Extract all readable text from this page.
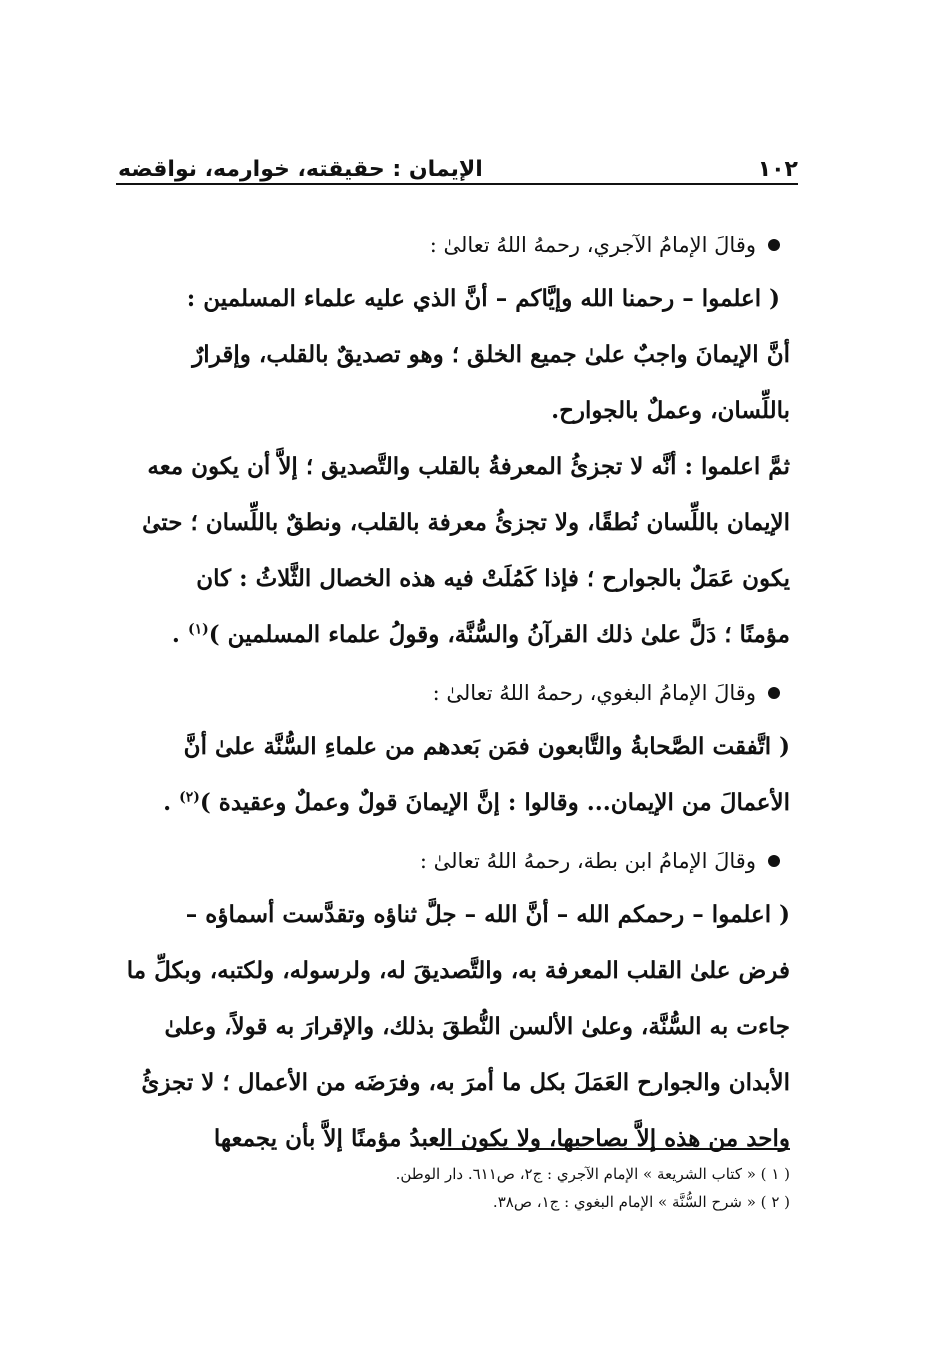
الإيمان : حقيقته، خوارمه، نواقضه	١٠٢

وقالَ الإمامُ الآجري، رحمهُ اللهُ تعالىٰ :

( اعلموا – رحمنا الله وإيَّاكم – أنَّ الذي عليه علماء المسلمين :

أنَّ الإيمانَ واجبٌ علىٰ جميع الخلق ؛ وهو تصديقٌ بالقلب، وإقرارٌ

باللِّسان، وعملٌ بالجوارح.

ثمَّ اعلموا : أنَّه لا تجزئُ المعرفةُ بالقلب والتَّصديق ؛ إلاَّ أن يكون معه

الإيمان باللِّسان نُطقًا، ولا تجزئُ معرفة بالقلب، ونطقٌ باللِّسان ؛ حتىٰ

يكون عَمَلٌ بالجوارح ؛ فإذا كَمُلَتْ فيه هذه الخصال الثَّلاثُ : كان

مؤمنًا ؛ دَلَّ علىٰ ذلك القرآنُ والسُّنَّة، وقولُ علماء المسلمين )$^{(١)}$ .

وقالَ الإمامُ البغوي، رحمهُ اللهُ تعالىٰ :

( اتَّفقت الصَّحابةُ والتَّابعون فمَن بَعدهم من علماءِ السُّنَّة علىٰ أنَّ

الأعمالَ من الإيمان... وقالوا : إنَّ الإيمانَ قولٌ وعملٌ وعقيدة )$^{(٢)}$ .

وقالَ الإمامُ ابن بطة، رحمهُ اللهُ تعالىٰ :

( اعلموا – رحمكم الله – أنَّ الله – جلَّ ثناؤه وتقدَّست أسماؤه –

فرض علىٰ القلب المعرفة به، والتَّصديقَ له، ولرسوله، ولكتبه، وبكلِّ ما

جاءت به السُّنَّة، وعلىٰ الألسن النُّطقَ بذلك، والإقرارَ به قولاً، وعلىٰ

الأبدان والجوارح العَمَلَ بكل ما أمرَ به، وفرَضَه من الأعمال ؛ لا تجزئُ

واحد من هذه إلاَّ بصاحبها، ولا يكون العبدُ مؤمنًا إلاَّ بأن يجمعها

( ١ ) « كتاب الشريعة » الإمام الآجري : ج٢، ص٦١١. دار الوطن.

( ٢ ) « شرح السُّنَّة » الإمام البغوي : ج١، ص٣٨.
